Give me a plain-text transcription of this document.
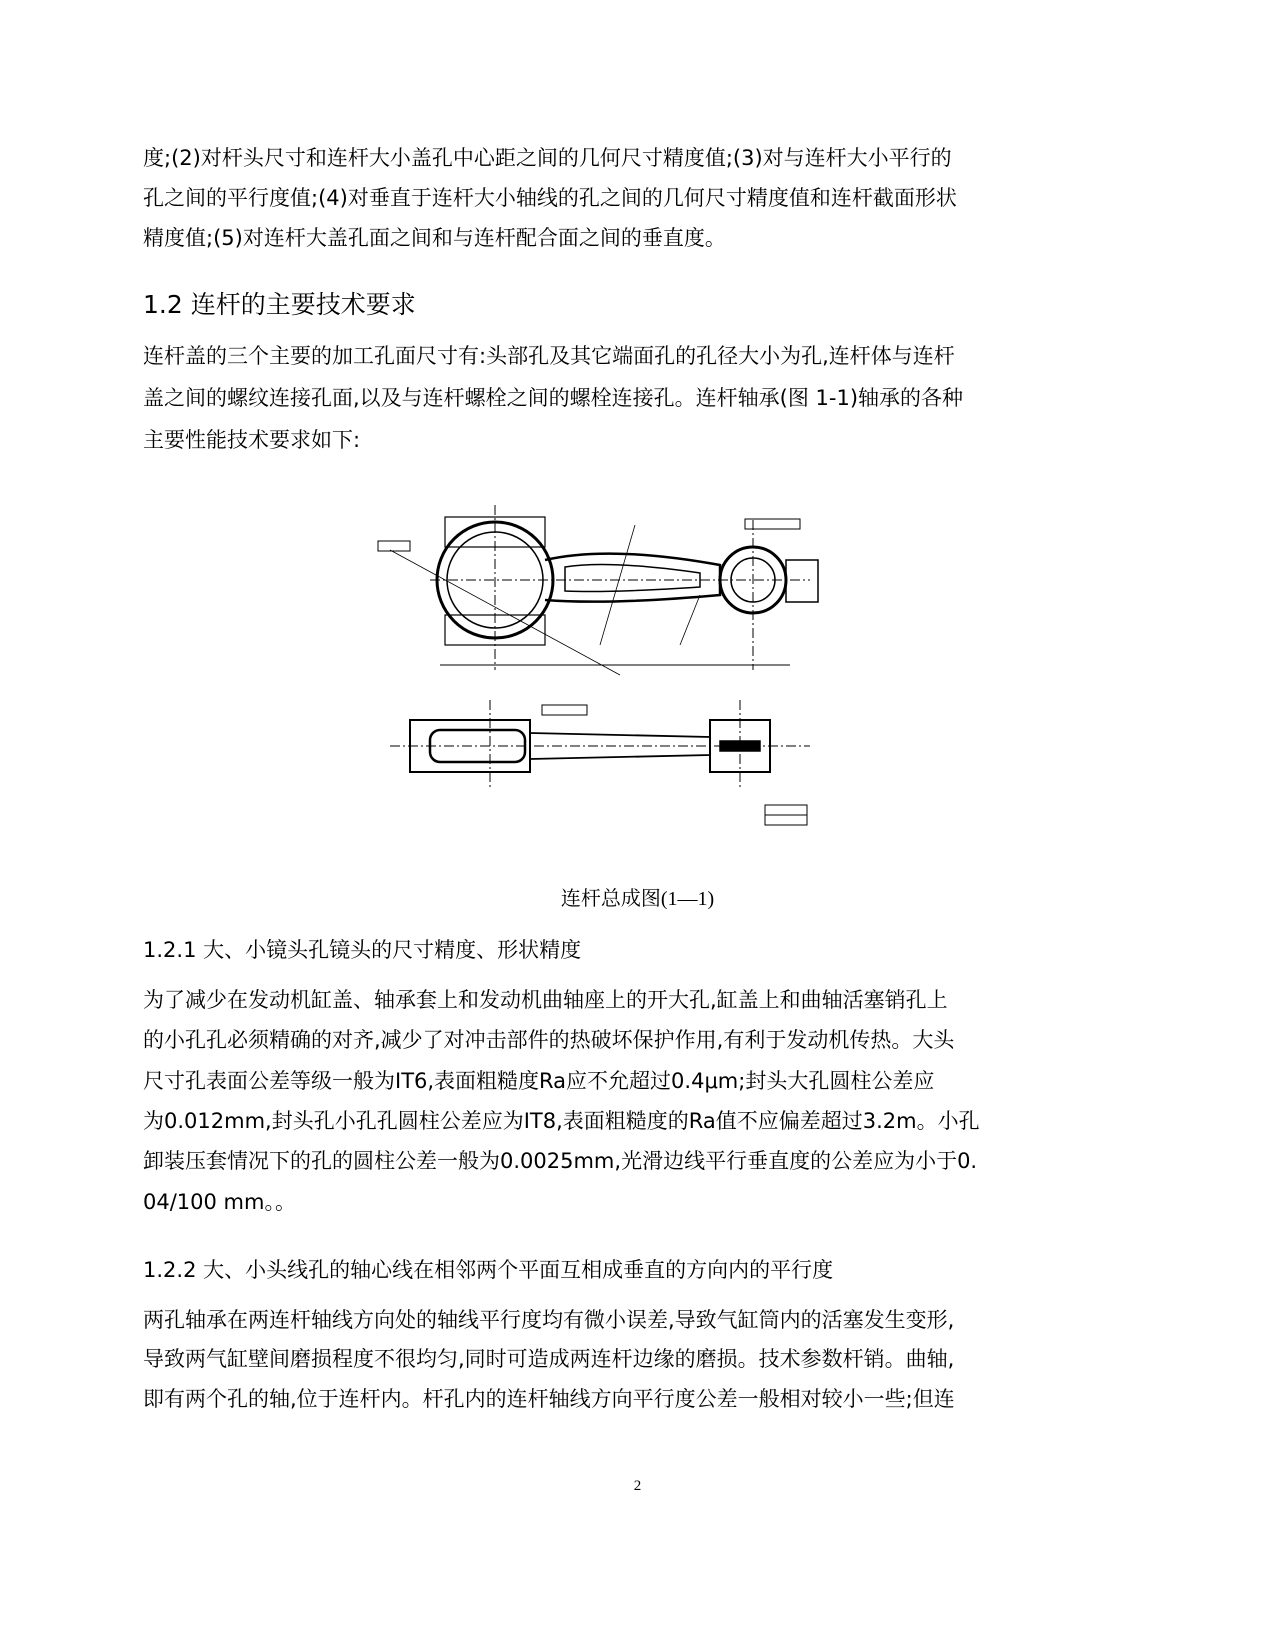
度;(2)对杆头尺寸和连杆大小盖孔中心距之间的几何尺寸精度值;(3)对与连杆大小平行的
孔之间的平行度值;(4)对垂直于连杆大小轴线的孔之间的几何尺寸精度值和连杆截面形状
精度值;(5)对连杆大盖孔面之间和与连杆配合面之间的垂直度。
1.2 连杆的主要技术要求
连杆盖的三个主要的加工孔面尺寸有:头部孔及其它端面孔的孔径大小为孔,连杆体与连杆
盖之间的螺纹连接孔面,以及与连杆螺栓之间的螺栓连接孔。连杆轴承(图 1-1)轴承的各种
主要性能技术要求如下:
连杆总成图(1—1)
1.2.1 大、小镜头孔镜头的尺寸精度、形状精度
为了减少在发动机缸盖、轴承套上和发动机曲轴座上的开大孔,缸盖上和曲轴活塞销孔上
的小孔孔必须精确的对齐,减少了对冲击部件的热破坏保护作用,有利于发动机传热。大头
尺寸孔表面公差等级一般为IT6,表面粗糙度Ra应不允超过0.4μm;封头大孔圆柱公差应
为0.012mm,封头孔小孔孔圆柱公差应为IT8,表面粗糙度的Ra值不应偏差超过3.2m。小孔
卸装压套情况下的孔的圆柱公差一般为0.0025mm,光滑边线平行垂直度的公差应为小于0.
04/100 mm。。
1.2.2 大、小头线孔的轴心线在相邻两个平面互相成垂直的方向内的平行度
两孔轴承在两连杆轴线方向处的轴线平行度均有微小误差,导致气缸筒内的活塞发生变形,
导致两气缸壁间磨损程度不很均匀,同时可造成两连杆边缘的磨损。技术参数杆销。曲轴,
即有两个孔的轴,位于连杆内。杆孔内的连杆轴线方向平行度公差一般相对较小一些;但连
2
